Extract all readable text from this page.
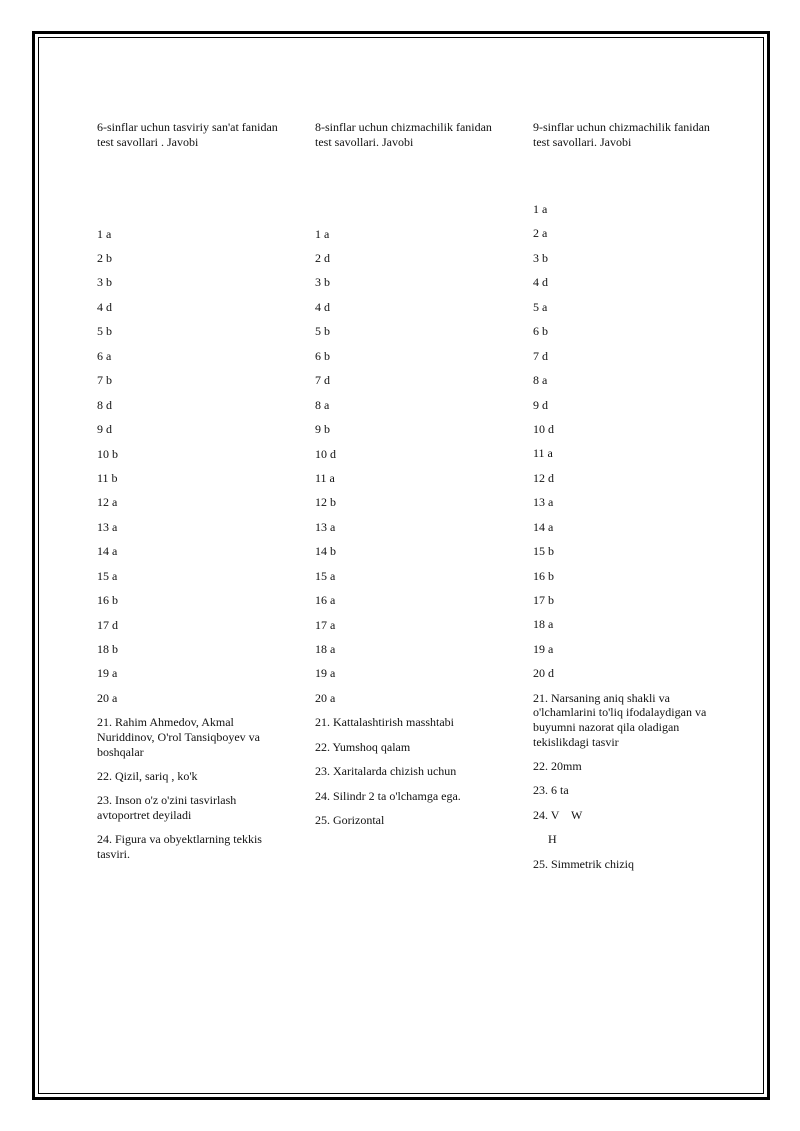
6-sinflar uchun tasviriy san'at fanidan test savollari . Javobi
1 a
2 b
3 b
4 d
5 b
6 a
7 b
8 d
9 d
10 b
11 b
12 a
13 a
14 a
15 a
16 b
17 d
18 b
19 a
20 a
21. Rahim Ahmedov, Akmal Nuriddinov, O'rol Tansiqboyev va boshqalar
22. Qizil, sariq , ko'k
23. Inson o'z o'zini tasvirlash avtoportret deyiladi
24. Figura va obyektlarning tekkis tasviri.
8-sinflar uchun chizmachilik fanidan test savollari. Javobi
1 a
2 d
3 b
4 d
5 b
6 b
7 d
8 a
9 b
10 d
11 a
12 b
13 a
14 b
15 a
16 a
17 a
18 a
19 a
20 a
21. Kattalashtirish masshtabi
22. Yumshoq qalam
23. Xaritalarda chizish uchun
24. Silindr 2 ta o'lchamga ega.
25. Gorizontal
9-sinflar uchun chizmachilik fanidan test savollari. Javobi
1 a
2 a
3 b
4 d
5 a
6 b
7 d
8 a
9 d
10 d
11 a
12 d
13 a
14 a
15 b
16 b
17 b
18 a
19 a
20 d
21. Narsaning aniq shakli va o'lchamlarini to'liq ifodalaydigan va buyumni nazorat qila oladigan tekislikdagi tasvir
22. 20mm
23. 6 ta
24. V    W
H
25. Simmetrik chiziq
